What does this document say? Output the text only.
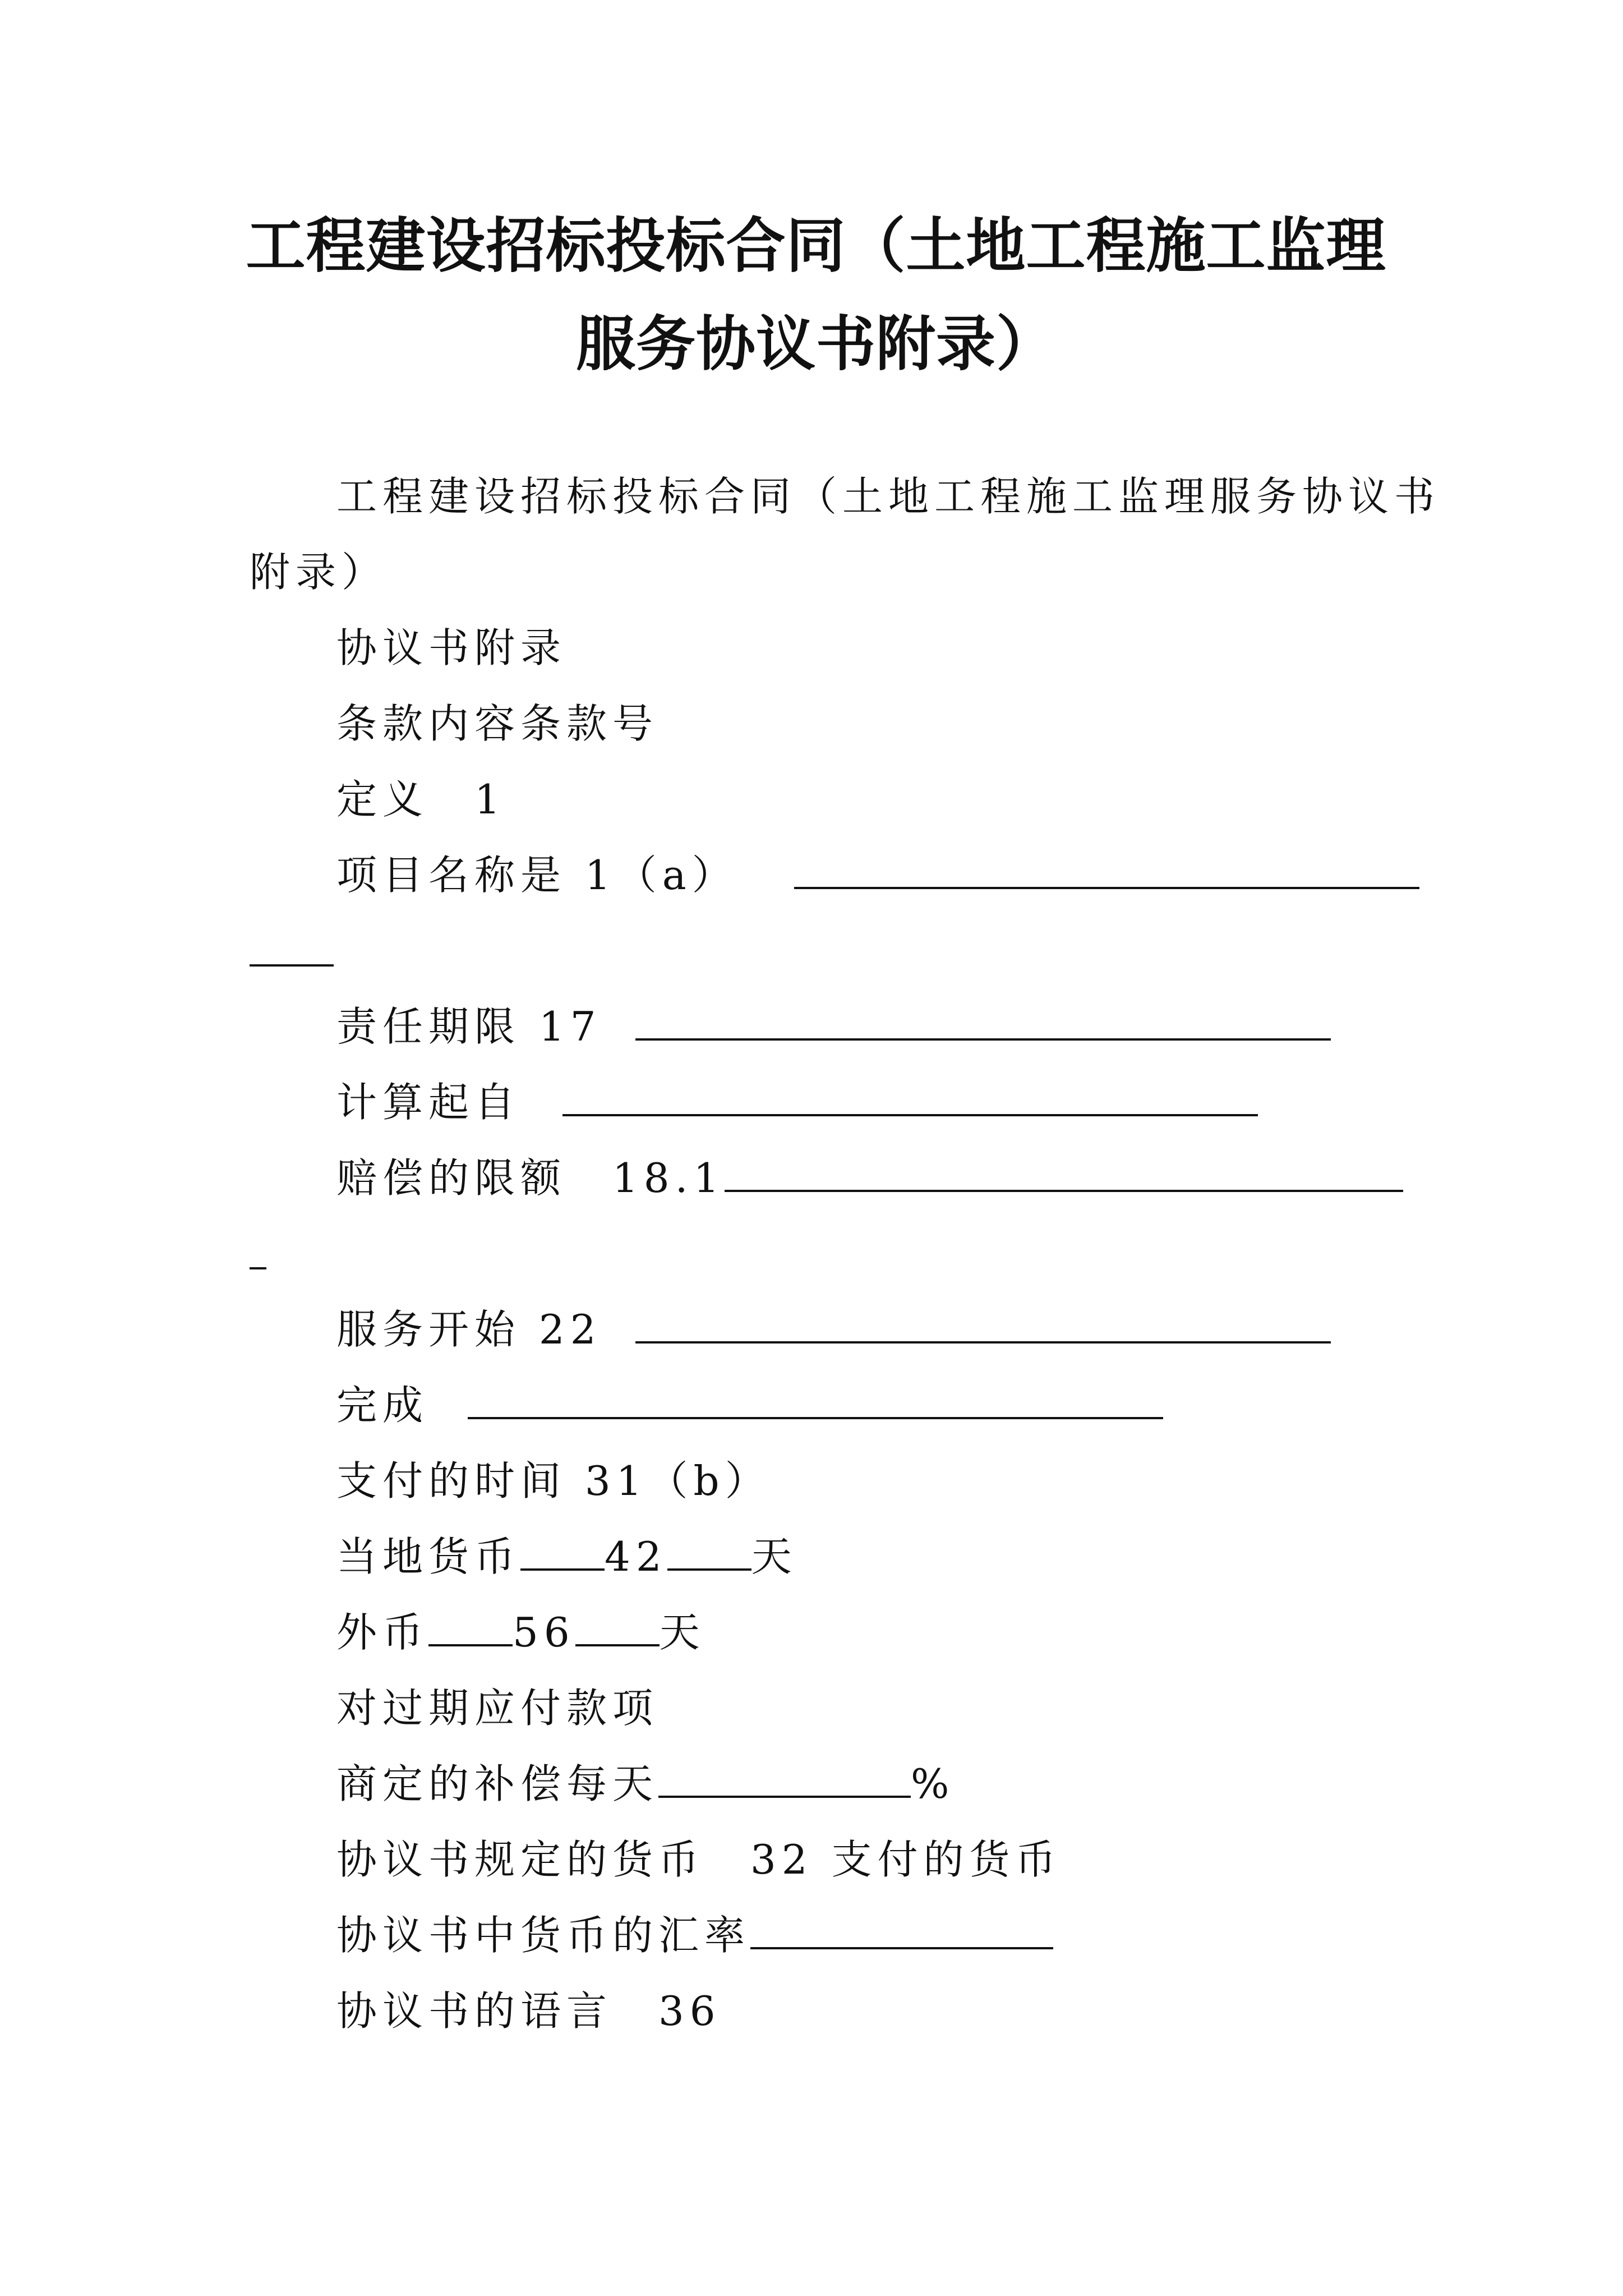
工程建设招标投标合同（土地工程施工监理服务协议书附录）
工程建设招标投标合同（土地工程施工监理服务协议书
附录）
协议书附录
条款内容条款号
定义　1
项目名称是 1（a）
责任期限 17
计算起自
赔偿的限额　18.1
服务开始 22
完成
支付的时间 31（b）
当地货币 42 天
外币 56 天
对过期应付款项
商定的补偿每天	%
协议书规定的货币　32 支付的货币
协议书中货币的汇率
协议书的语言　36
